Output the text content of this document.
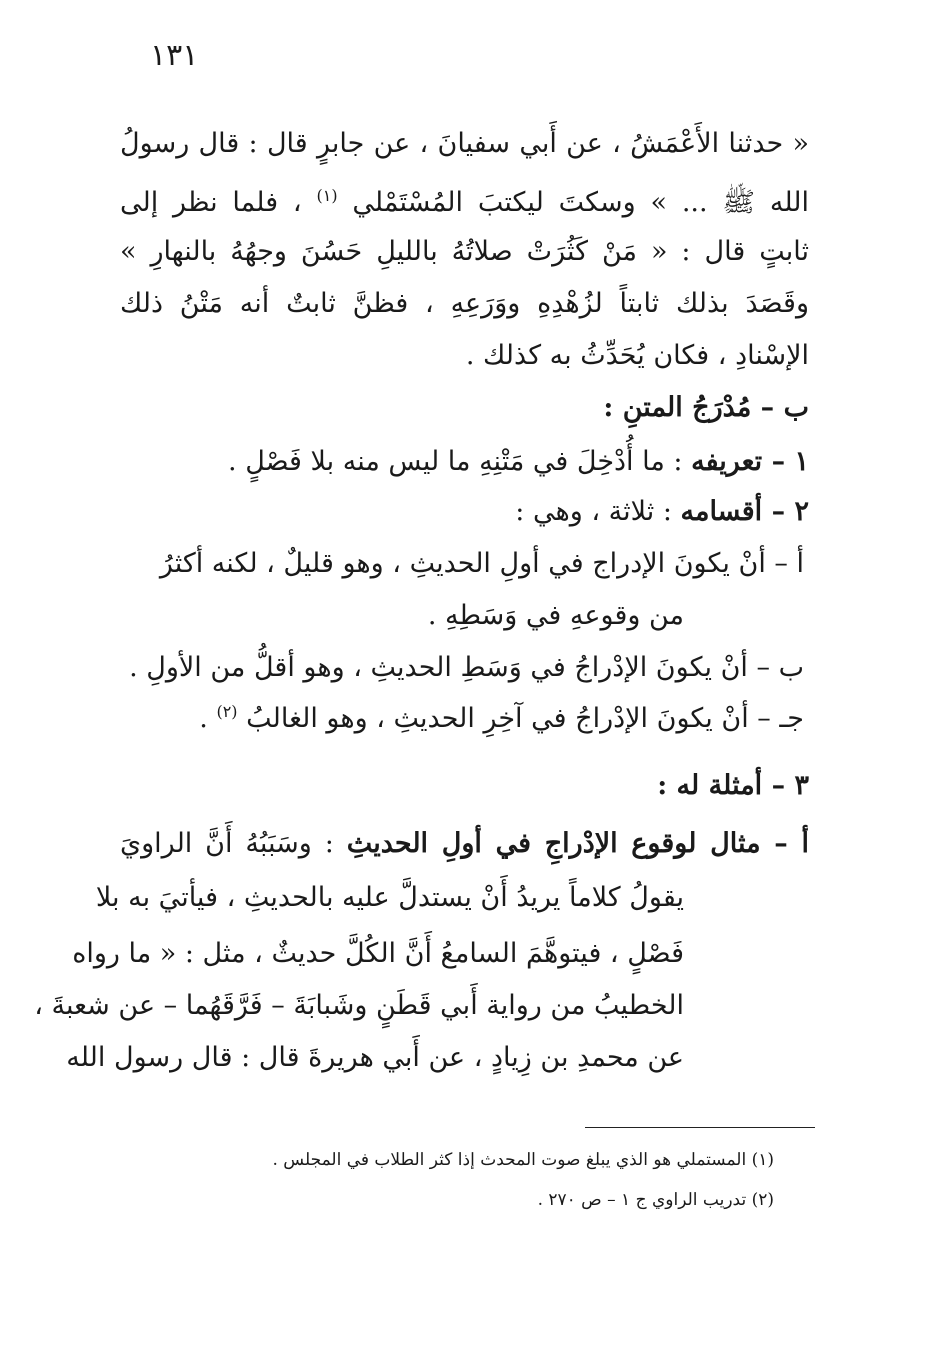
١٣١
« حدثنا الأَعْمَشُ ، عن أَبي سفيانَ ، عن جابرٍ قال : قال رسولُ
الله ﷺ ... » وسكتَ ليكتبَ المُسْتَمْلي $^{(١)}$ ، فلما نظر إلى
ثابتٍ قال : « مَنْ كَثُرَتْ صلاتُهُ بالليلِ حَسُنَ وجهُهُ بالنهارِ »
وقَصَدَ بذلك ثابتاً لزُهْدِهِ ووَرَعِهِ ، فظنَّ ثابتٌ أنه مَتْنُ ذلك
الإسْنادِ ، فكان يُحَدِّثُ به كذلك .
ب – مُدْرَجُ المتنِ :
١ – تعريفه : ما أُدْخِلَ في مَتْنِهِ ما ليس منه بلا فَصْلٍ .
٢ – أقسامه : ثلاثة ، وهي :
أ – أنْ يكونَ الإدراج في أولِ الحديثِ ، وهو قليلٌ ، لكنه أكثرُ
من وقوعهِ في وَسَطِهِ .
ب – أنْ يكونَ الإدْراجُ في وَسَطِ الحديثِ ، وهو أقلُّ من الأولِ .
جـ – أنْ يكونَ الإدْراجُ في آخِرِ الحديثِ ، وهو الغالبُ $^{(٢)}$ .
٣ – أمثلة له :
أ – مثال لوقوع الإدْراجِ في أولِ الحديثِ : وسَبَبُهُ أَنَّ الراويَ
يقولُ كلاماً يريدُ أَنْ يستدلَّ عليه بالحديثِ ، فيأتيَ به بلا
فَصْلٍ ، فيتوهَّمَ السامعُ أَنَّ الكُلَّ حديثٌ ، مثل : « ما رواه
الخطيبُ من رواية أَبي قَطَنٍ وشَبابَةَ – فَرَّقَهُما – عن شعبةَ ،
عن محمدِ بن زِيادٍ ، عن أَبي هريرةَ قال : قال رسول الله
(١) المستملي هو الذي يبلغ صوت المحدث إذا كثر الطلاب في المجلس .
(٢) تدريب الراوي ج ١ – ص ٢٧٠ .
